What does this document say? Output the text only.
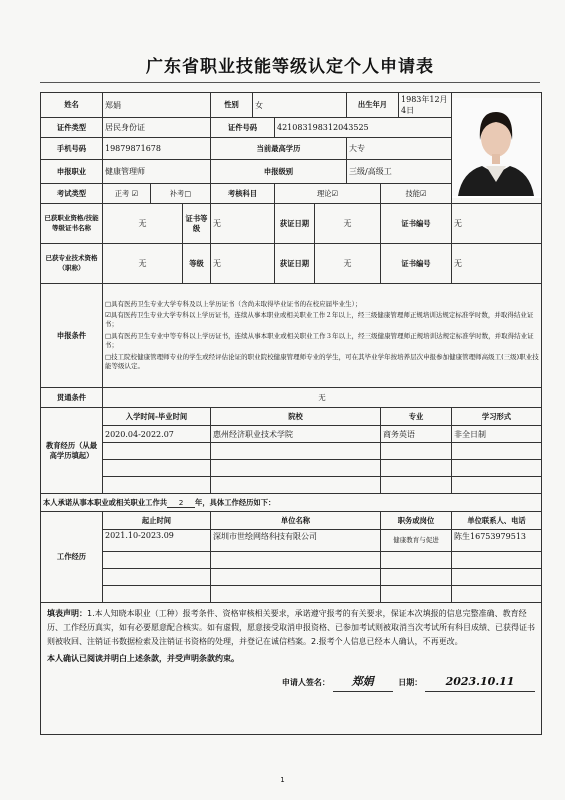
广东省职业技能等级认定个人申请表
姓名	郑娟			性别	女			出生年月		1983年12月4日	

证件类型	居民身份证			证件号码		421083198312043525					
手机号码	19879871678			当前最高学历				大专			
申报职业	健康管理师			申报级别				三级/高级工			
考试类型	正考 ☑	补考□		考核科目		理论☑			技能☑		
已获职业资格/技能等级证书名称	无		证书等级	无		获证日期	无		证书编号		无
已获专业技术资格（职称）	无		等级	无		获证日期	无		证书编号		无
申报条件	□具有医药卫生专业大学专科及以上学历证书（含尚未取得毕业证书的在校应届毕业生）；

☑具有医药卫生专业大学专科以上学历证书，连续从事本职业或相关职业工作２年以上，经三级健康管理师正规培训达规定标准学时数，并取得结业证书；

□具有医药卫生专业中等专科以上学历证书，连续从事本职业或相关职业工作３年以上，经三级健康管理师正规培训达规定标准学时数，并取得结业证书；

□技工院校健康管理师专业的学生或经评估论证的职业院校健康管理师专业的学生，可在其毕业学年按培养层次申报参加健康管理师高级工(三级)职业技能等级认定。										

贯通条件	无										
教育经历（从最高学历填起）	入学时间-毕业时间			院校					专业		学习形式
	2020.04-2022.07			惠州经济职业技术学院					商务英语		非全日制

本人承诺从事本职业或相关职业工作共 2 年，具体工作经历如下：											
工作经历	起止时间			单位名称					职务或岗位		单位联系人、电话
	2021.10-2023.09			深圳市世绘网络科技有限公司					健康教育与促进		陈生16753979513

填表声明：1.本人知晓本职业（工种）报考条件、资格审核相关要求，承诺遵守报考的有关要求，保证本次填报的信息完整准确、教育经历、工作经历真实，如有必要愿意配合核实。如有虚假，愿意接受取消申报资格、已参加考试则被取消当次考试所有科目成绩、已获得证书则被收回、注销证书数据检索及注销证书资格的处理，并登记在诚信档案。2.报考个人信息已经本人确认，不再更改。
本人确认已阅读并明白上述条款，并受声明条款约束。
申请人签名： 郑娟 日期： 2023.10.11											
1
